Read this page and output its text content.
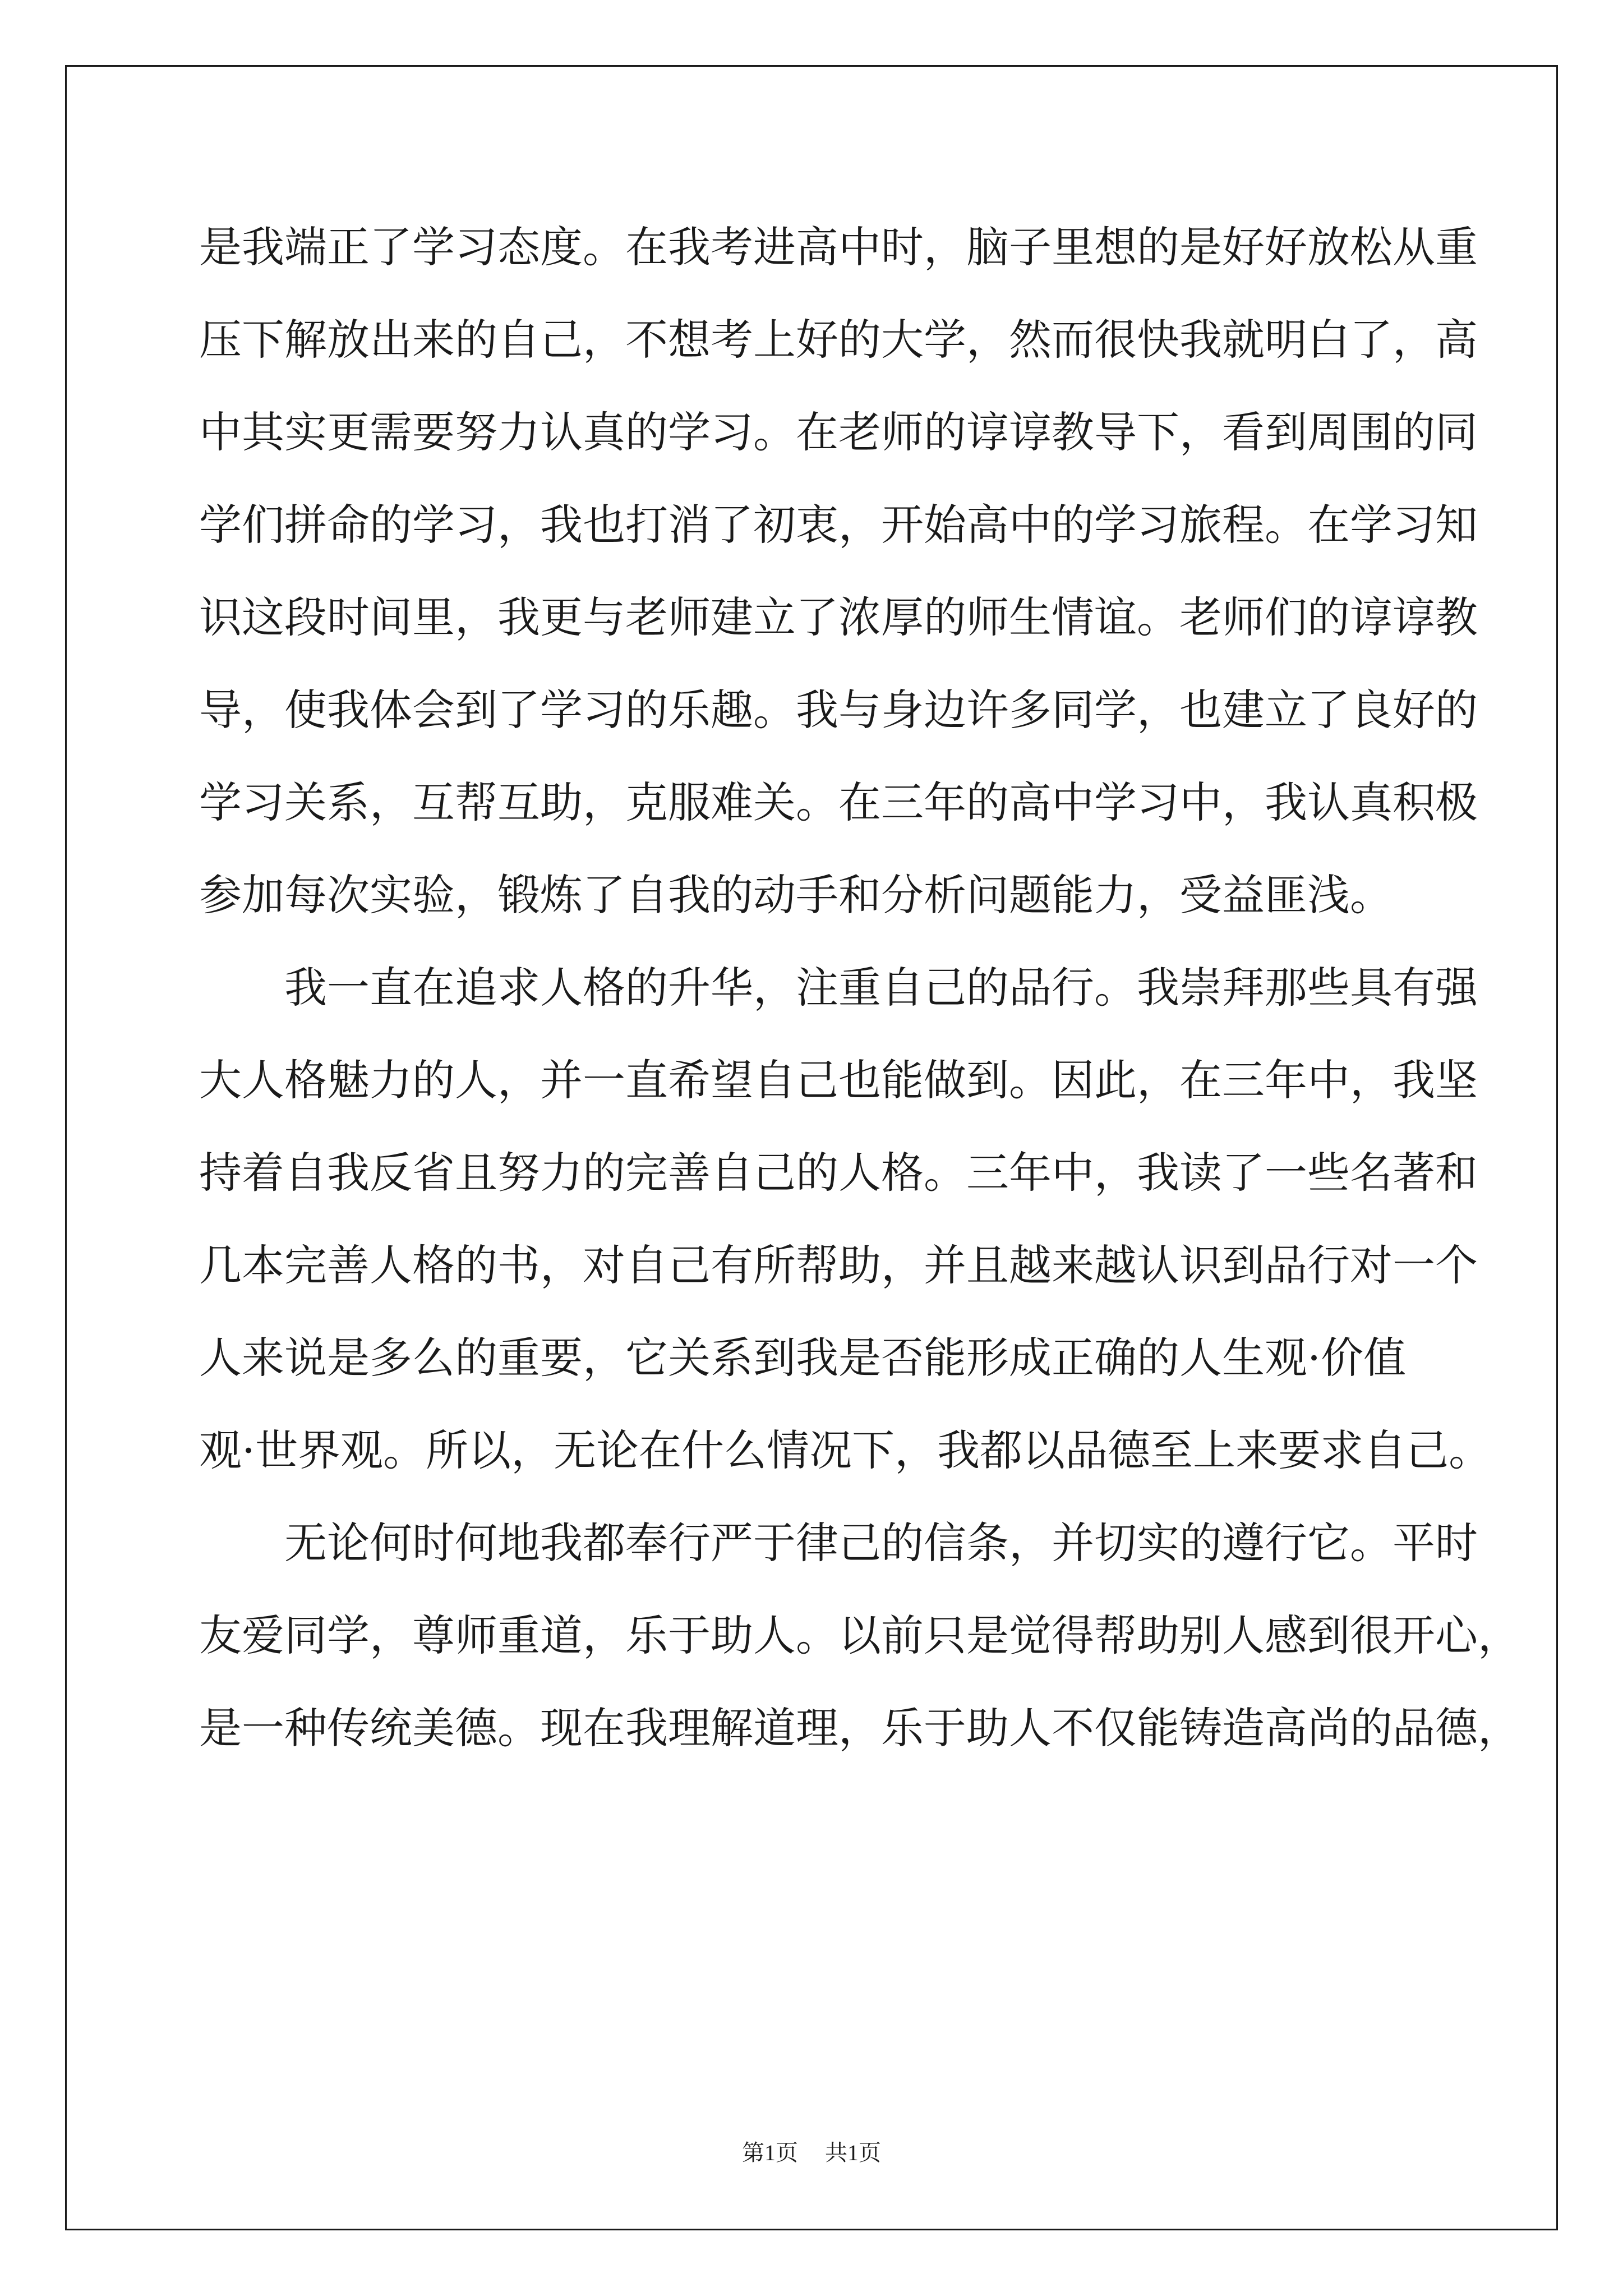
是我端正了学习态度。在我考进高中时，脑子里想的是好好放松从重
压下解放出来的自己，不想考上好的大学，然而很快我就明白了，高
中其实更需要努力认真的学习。在老师的谆谆教导下，看到周围的同
学们拼命的学习，我也打消了初衷，开始高中的学习旅程。在学习知
识这段时间里，我更与老师建立了浓厚的师生情谊。老师们的谆谆教
导，使我体会到了学习的乐趣。我与身边许多同学，也建立了良好的
学习关系，互帮互助，克服难关。在三年的高中学习中，我认真积极
参加每次实验，锻炼了自我的动手和分析问题能力，受益匪浅。
我一直在追求人格的升华，注重自己的品行。我崇拜那些具有强
大人格魅力的人，并一直希望自己也能做到。因此，在三年中，我坚
持着自我反省且努力的完善自己的人格。三年中，我读了一些名著和
几本完善人格的书，对自己有所帮助，并且越来越认识到品行对一个
人来说是多么的重要，它关系到我是否能形成正确的人生观·价值
观·世界观。所以，无论在什么情况下，我都以品德至上来要求自己。
无论何时何地我都奉行严于律己的信条，并切实的遵行它。平时
友爱同学，尊师重道，乐于助人。以前只是觉得帮助别人感到很开心，
是一种传统美德。现在我理解道理，乐于助人不仅能铸造高尚的品德，
第1页 共1页
